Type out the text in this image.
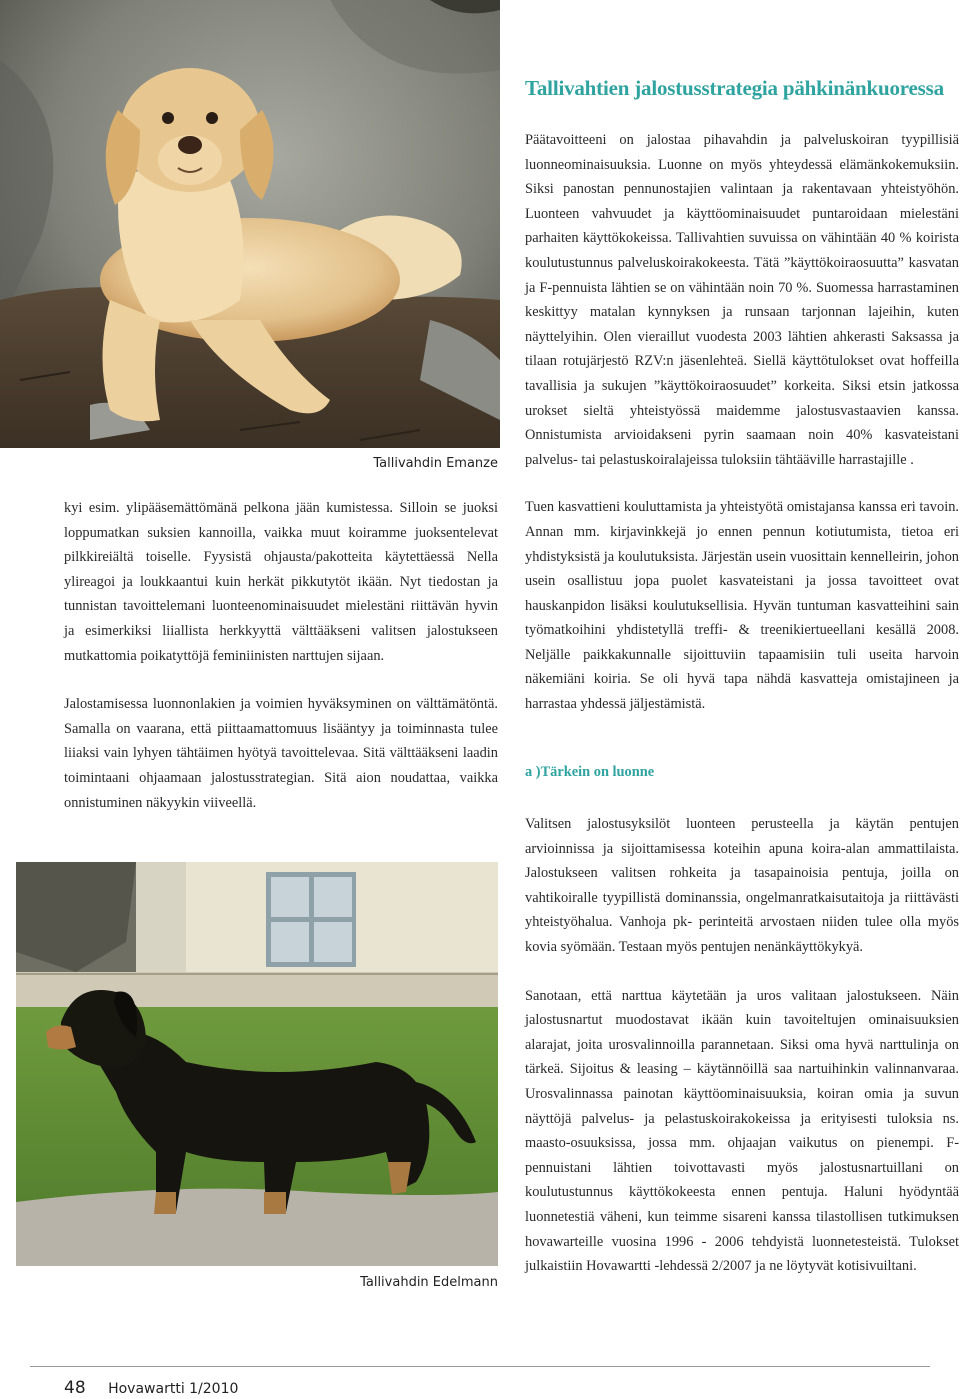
Tallivahdin Emanze
Tallivahtien jalostusstrategia pähkinänkuoressa

kyi esim. ylipääsemättömänä pelkona jään kumistessa. Silloin se juoksi loppumatkan suksien kannoilla, vaikka muut koiramme juoksentelevat pilkkireiältä toiselle. Fyysistä ohjausta/pakotteita käytettäessä Nella ylireagoi ja loukkaantui kuin herkät pikkutytöt ikään. Nyt tiedostan ja tunnistan tavoittelemani luonteenominaisuudet mielestäni riittävän hyvin ja esimerkiksi liiallista herkkyyttä välttääkseni valitsen jalostukseen mutkattomia poikatyttöjä feminiinisten narttujen sijaan.

Jalostamisessa luonnonlakien ja voimien hyväksyminen on välttämätöntä. Samalla on vaarana, että piittaamattomuus lisääntyy ja toiminnasta tulee liiaksi vain lyhyen tähtäimen hyötyä tavoittelevaa. Sitä välttääkseni laadin toimintaani ohjaamaan jalostusstrategian. Sitä aion noudattaa, vaikka onnistuminen näkyykin viiveellä.

Tallivahdin Edelmann

Päätavoitteeni on jalostaa pihavahdin ja palveluskoiran tyypillisiä luonneominaisuuksia. Luonne on myös yhteydessä elämänkokemuksiin. Siksi panostan pennunostajien valintaan ja rakentavaan yhteistyöhön. Luonteen vahvuudet ja käyttöominaisuudet puntaroidaan mielestäni parhaiten käyttökokeissa. Tallivahtien suvuissa on vähintään 40 % koirista koulutustunnus palveluskoirakokeesta. Tätä ”käyttökoiraosuutta” kasvatan ja F-pennuista lähtien se on vähintään noin 70 %. Suomessa harrastaminen keskittyy matalan kynnyksen ja runsaan tarjonnan lajeihin, kuten näyttelyihin. Olen vieraillut vuodesta 2003 lähtien ahkerasti Saksassa ja tilaan rotujärjestö RZV:n jäsenlehteä. Siellä käyttötulokset ovat hoffeilla tavallisia ja sukujen ”käyttökoiraosuudet” korkeita. Siksi etsin jatkossa urokset sieltä yhteistyössä maidemme jalostusvastaavien kanssa. Onnistumista arvioidakseni pyrin saamaan noin 40% kasvateistani palvelus- tai pelastuskoiralajeissa tuloksiin tähtääville harrastajille .

Tuen kasvattieni kouluttamista ja yhteistyötä omistajansa kanssa eri tavoin. Annan mm. kirjavinkkejä jo ennen pennun kotiutumista, tietoa eri yhdistyksistä ja koulutuksista. Järjestän usein vuosittain kennelleirin, johon usein osallistuu jopa puolet kasvateistani ja jossa tavoitteet ovat hauskanpidon lisäksi koulutuksellisia. Hyvän tuntuman kasvatteihini sain työmatkoihini yhdistetyllä treffi- & treenikiertueellani kesällä 2008. Neljälle paikkakunnalle sijoittuviin tapaamisiin tuli useita harvoin näkemiäni koiria. Se oli hyvä tapa nähdä kasvatteja omistajineen ja harrastaa yhdessä jäljestämistä.

a )Tärkein on luonne

Valitsen jalostusyksilöt luonteen perusteella ja käytän pentujen arvioinnissa ja sijoittamisessa koteihin apuna koira-alan ammattilaista. Jalostukseen valitsen rohkeita ja tasapainoisia pentuja, joilla on vahtikoiralle tyypillistä dominanssia, ongelmanratkaisutaitoja ja riittävästi yhteistyöhalua. Vanhoja pk- perinteitä arvostaen niiden tulee olla myös kovia syömään. Testaan myös pentujen nenänkäyttökykyä.

Sanotaan, että narttua käytetään ja uros valitaan jalostukseen. Näin jalostusnartut muodostavat ikään kuin tavoiteltujen ominaisuuksien alarajat, joita urosvalinnoilla parannetaan. Siksi oma hyvä narttulinja on tärkeä. Sijoitus & leasing – käytännöillä saa nartuihinkin valinnanvaraa. Urosvalinnassa painotan käyttöominaisuuksia, koiran omia ja suvun näyttöjä palvelus- ja pelastuskoirakokeissa ja erityisesti tuloksia ns. maasto-osuuksissa, jossa mm. ohjaajan vaikutus on pienempi. F-pennuistani lähtien toivottavasti myös jalostusnartuillani on koulutustunnus käyttökokeesta ennen pentuja. Haluni hyödyntää luonnetestiä väheni, kun teimme sisareni kanssa tilastollisen tutkimuksen hovawarteille vuosina 1996 - 2006 tehdyistä luonnetesteistä. Tulokset julkaistiin Hovawartti -lehdessä 2/2007 ja ne löytyvät kotisivuiltani.

48 Hovawartti 1/2010
